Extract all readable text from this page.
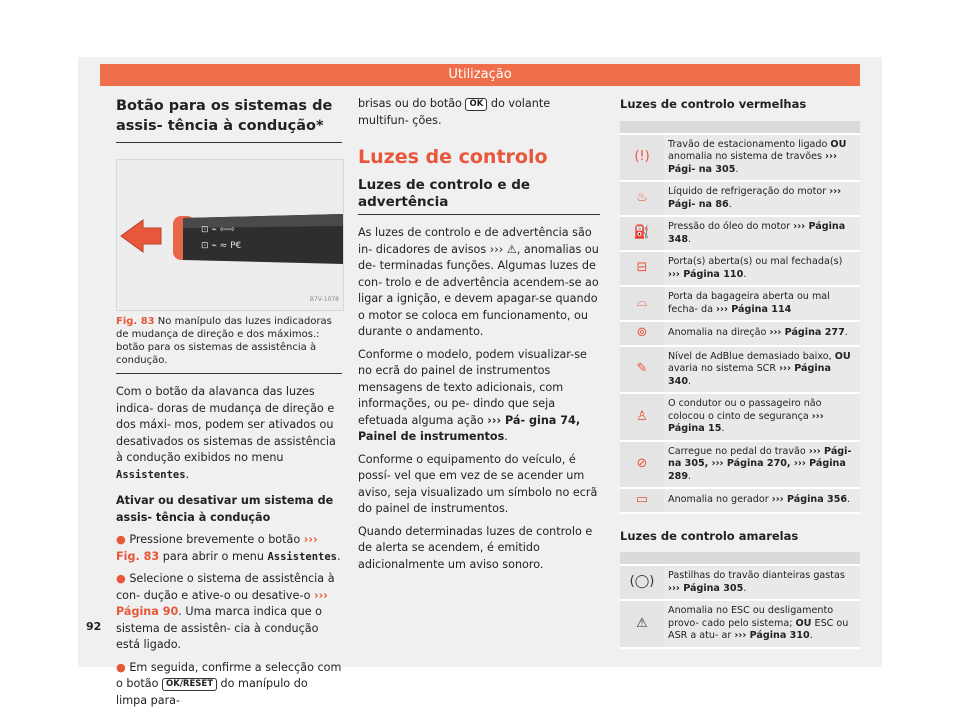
Utilização
Botão para os sistemas de assis- tência à condução*
⊡ ⌁ ⇦⇨
⊡ ⌁ ≈ P€
B7V-1078
Fig. 83 No manípulo das luzes indicadoras de mudança de direção e dos máximos.: botão para os sistemas de assistência à condução.

Com o botão da alavanca das luzes indica- doras de mudança de direção e dos máxi- mos, podem ser ativados ou desativados os sistemas de assistência à condução exibidos no menu Assistentes.

Ativar ou desativar um sistema de assis- tência à condução

● Pressione brevemente o botão ››› Fig. 83 para abrir o menu Assistentes.

● Selecione o sistema de assistência à con- dução e ative-o ou desative-o ››› Página 90. Uma marca indica que o sistema de assistên- cia à condução está ligado.

● Em seguida, confirme a selecção com o botão OK/RESET do manípulo do limpa para-

brisas ou do botão OK do volante multifun- ções.

Luzes de controlo
Luzes de controlo e de advertência

As luzes de controlo e de advertência são in- dicadores de avisos ››› ⚠, anomalias ou de- terminadas funções. Algumas luzes de con- trolo e de advertência acendem-se ao ligar a ignição, e devem apagar-se quando o motor se coloca em funcionamento, ou durante o andamento.

Conforme o modelo, podem visualizar-se no ecrã do painel de instrumentos mensagens de texto adicionais, com informações, ou pe- dindo que seja efetuada alguma ação ››› Pá- gina 74, Painel de instrumentos.

Conforme o equipamento do veículo, é possí- vel que em vez de se acender um aviso, seja visualizado um símbolo no ecrã do painel de instrumentos.

Quando determinadas luzes de controlo e de alerta se acendem, é emitido adicionalmente um aviso sonoro.

Luzes de controlo vermelhas

(!)	Travão de estacionamento ligado OU anomalia no sistema de travões ››› Pági- na 305.
♨	Líquido de refrigeração do motor ››› Pági- na 86.
⛽	Pressão do óleo do motor ››› Página 348.
⊟	Porta(s) aberta(s) ou mal fechada(s) ››› Página 110.
⌓	Porta da bagageira aberta ou mal fecha- da ››› Página 114
⊚	Anomalia na direção ››› Página 277.
✎	Nível de AdBlue demasiado baixo, OU avaria no sistema SCR ››› Página 340.
♙	O condutor ou o passageiro não colocou o cinto de segurança ››› Página 15.
⊘	Carregue no pedal do travão ››› Pági- na 305, ››› Página 270, ››› Página 289.
▭	Anomalia no gerador ››› Página 356.
Luzes de controlo amarelas

(◯)	Pastilhas do travão dianteiras gastas ››› Página 305.
⚠	Anomalia no ESC ou desligamento provo- cado pelo sistema; OU ESC ou ASR a atu- ar ››› Página 310.
92
